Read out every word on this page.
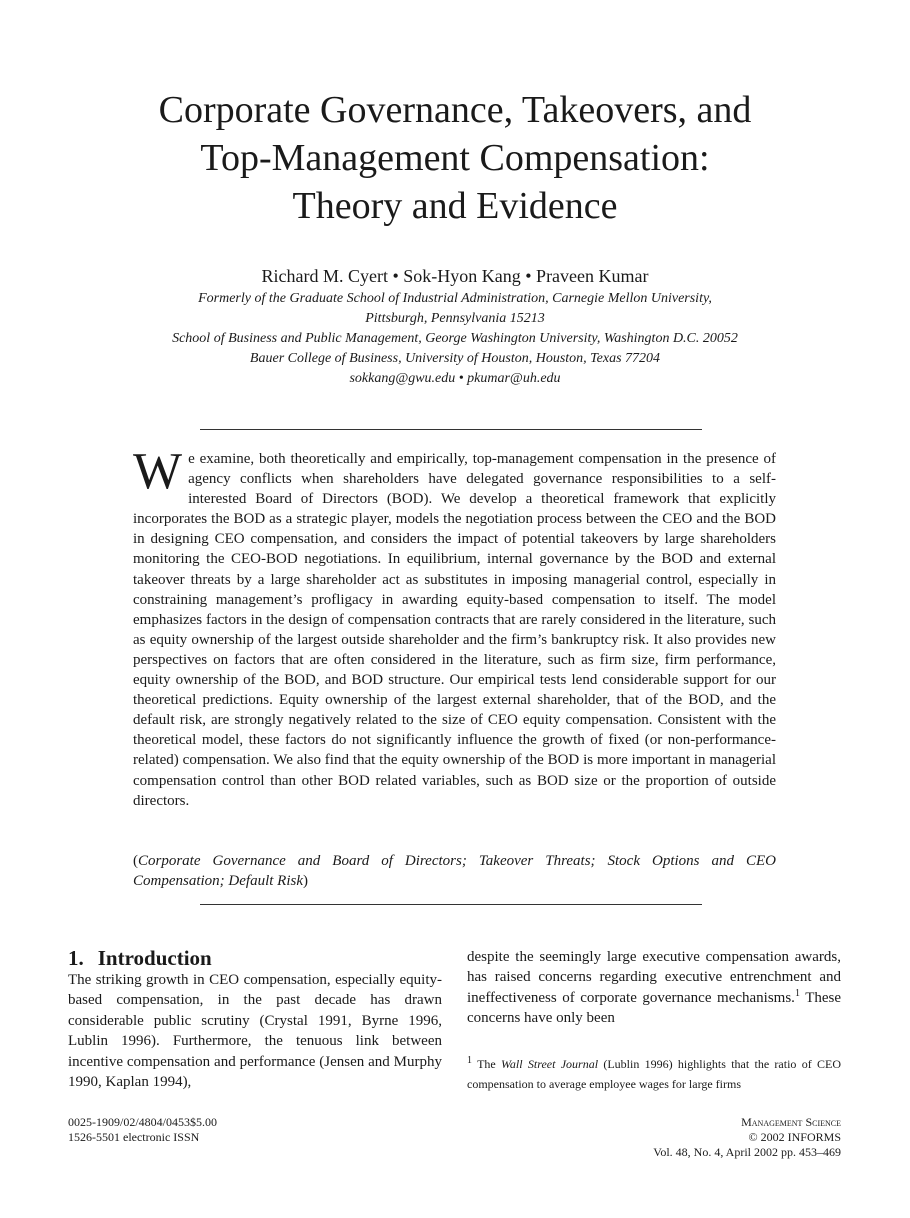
Corporate Governance, Takeovers, and
Top-Management Compensation:
Theory and Evidence
Richard M. Cyert • Sok-Hyon Kang • Praveen Kumar
Formerly of the Graduate School of Industrial Administration, Carnegie Mellon University,
Pittsburgh, Pennsylvania 15213
School of Business and Public Management, George Washington University, Washington D.C. 20052
Bauer College of Business, University of Houston, Houston, Texas 77204
sokkang@gwu.edu • pkumar@uh.edu

We examine, both theoretically and empirically, top-management compensation in the presence of agency conflicts when shareholders have delegated governance responsibilities to a self-interested Board of Directors (BOD). We develop a theoretical framework that explicitly incorporates the BOD as a strategic player, models the negotiation process between the CEO and the BOD in designing CEO compensation, and considers the impact of potential takeovers by large shareholders monitoring the CEO-BOD negotiations. In equilibrium, internal governance by the BOD and external takeover threats by a large shareholder act as substitutes in imposing managerial control, especially in constraining management’s profligacy in awarding equity-based compensation to itself. The model emphasizes factors in the design of compensation contracts that are rarely considered in the literature, such as equity ownership of the largest outside shareholder and the firm’s bankruptcy risk. It also provides new perspectives on factors that are often considered in the literature, such as firm size, firm performance, equity ownership of the BOD, and BOD structure. Our empirical tests lend considerable support for our theoretical predictions. Equity ownership of the largest external shareholder, that of the BOD, and the default risk, are strongly negatively related to the size of CEO equity compensation. Consistent with the theoretical model, these factors do not significantly influence the growth of fixed (or non-performance-related) compensation. We also find that the equity ownership of the BOD is more important in managerial compensation control than other BOD related variables, such as BOD size or the proportion of outside directors.

(Corporate Governance and Board of Directors; Takeover Threats; Stock Options and CEO Compensation; Default Risk)

1. Introduction

The striking growth in CEO compensation, especially equity-based compensation, in the past decade has drawn considerable public scrutiny (Crystal 1991, Byrne 1996, Lublin 1996). Furthermore, the tenuous link between incentive compensation and performance (Jensen and Murphy 1990, Kaplan 1994),

despite the seemingly large executive compensation awards, has raised concerns regarding executive entrenchment and ineffectiveness of corporate governance mechanisms.$^1$ These concerns have only been

$^1$ The Wall Street Journal (Lublin 1996) highlights that the ratio of CEO compensation to average employee wages for large firms

0025-1909/02/4804/0453$5.00
1526-5501 electronic ISSN
Management Science
© 2002 INFORMS
Vol. 48, No. 4, April 2002 pp. 453–469
